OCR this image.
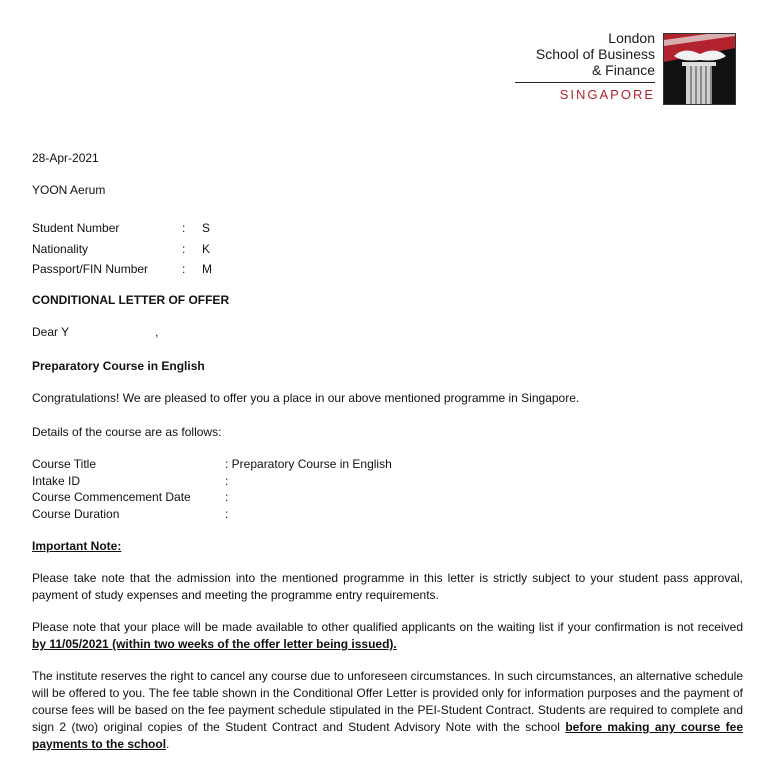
London
School of Business
& Finance
SINGAPORE
28-Apr-2021
YOON Aerum
Student Number	:	S
Nationality	:	K
Passport/FIN Number	:	M
CONDITIONAL LETTER OF OFFER
Dear Y	,
Preparatory Course in English
Congratulations! We are pleased to offer you a place in our above mentioned programme in Singapore.
Details of the course are as follows:
Course Title	: Preparatory Course in English
Intake ID	:
Course Commencement Date	:
Course Duration	:
Important Note:
Please take note that the admission into the mentioned programme in this letter is strictly subject to your student pass approval, payment of study expenses and meeting the programme entry requirements.
Please note that your place will be made available to other qualified applicants on the waiting list if your confirmation is not received by 11/05/2021 (within two weeks of the offer letter being issued).
The institute reserves the right to cancel any course due to unforeseen circumstances. In such circumstances, an alternative schedule will be offered to you. The fee table shown in the Conditional Offer Letter is provided only for information purposes and the payment of course fees will be based on the fee payment schedule stipulated in the PEI-Student Contract. Students are required to complete and sign 2 (two) original copies of the Student Contract and Student Advisory Note with the school before making any course fee payments to the school.
